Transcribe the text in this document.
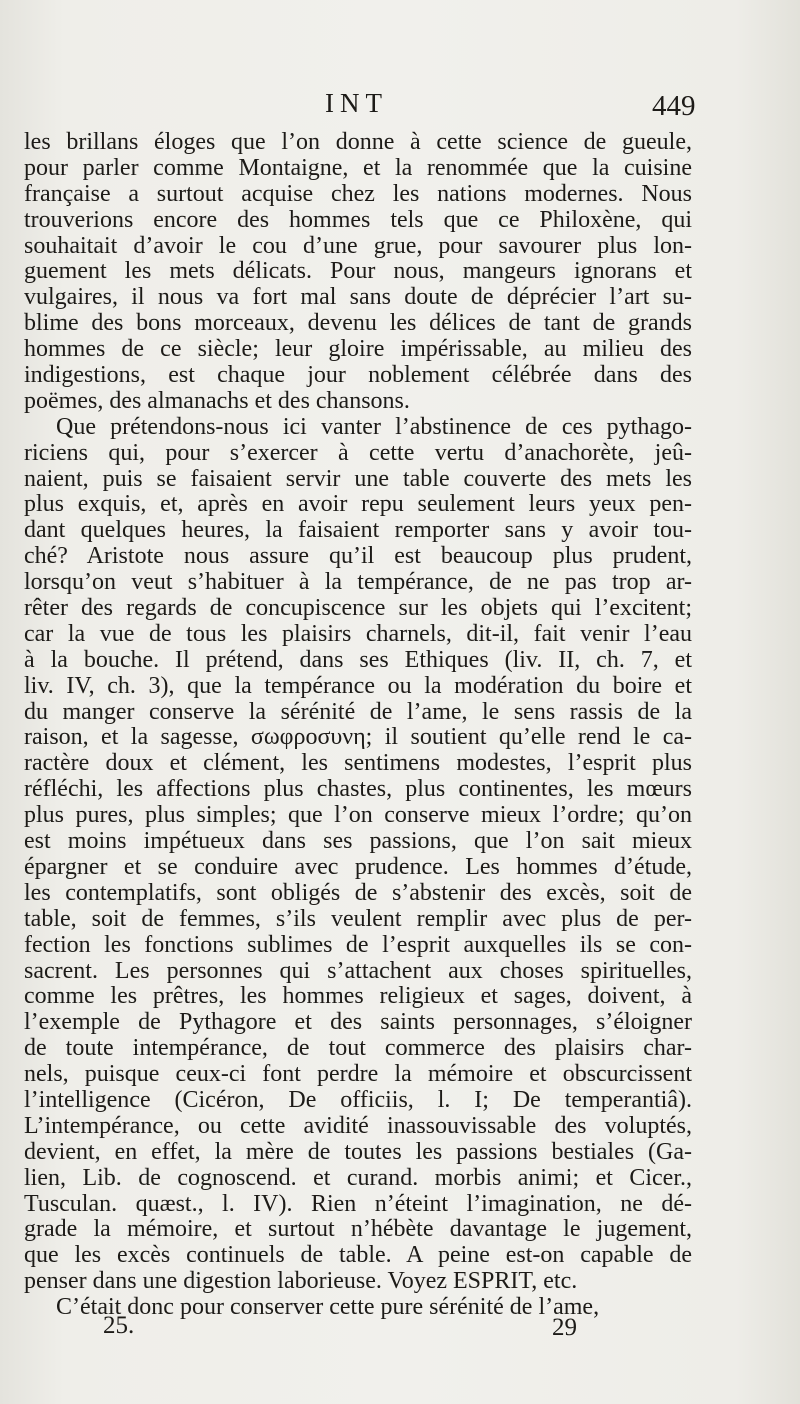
INT	449
les brillans éloges que l’on donne à cette science de gueule,
pour parler comme Montaigne, et la renommée que la cuisine
française a surtout acquise chez les nations modernes. Nous
trouverions encore des hommes tels que ce Philoxène, qui
souhaitait d’avoir le cou d’une grue, pour savourer plus lon-
guement les mets délicats. Pour nous, mangeurs ignorans et
vulgaires, il nous va fort mal sans doute de déprécier l’art su-
blime des bons morceaux, devenu les délices de tant de grands
hommes de ce siècle; leur gloire impérissable, au milieu des
indigestions, est chaque jour noblement célébrée dans des
poëmes, des almanachs et des chansons.
Que prétendons-nous ici vanter l’abstinence de ces pythago-
riciens qui, pour s’exercer à cette vertu d’anachorète, jeû-
naient, puis se faisaient servir une table couverte des mets les
plus exquis, et, après en avoir repu seulement leurs yeux pen-
dant quelques heures, la faisaient remporter sans y avoir tou-
ché? Aristote nous assure qu’il est beaucoup plus prudent,
lorsqu’on veut s’habituer à la tempérance, de ne pas trop ar-
rêter des regards de concupiscence sur les objets qui l’excitent;
car la vue de tous les plaisirs charnels, dit-il, fait venir l’eau
à la bouche. Il prétend, dans ses Ethiques (liv. II, ch. 7, et
liv. IV, ch. 3), que la tempérance ou la modération du boire et
du manger conserve la sérénité de l’ame, le sens rassis de la
raison, et la sagesse, σωφροσυνη; il soutient qu’elle rend le ca-
ractère doux et clément, les sentimens modestes, l’esprit plus
réfléchi, les affections plus chastes, plus continentes, les mœurs
plus pures, plus simples; que l’on conserve mieux l’ordre; qu’on
est moins impétueux dans ses passions, que l’on sait mieux
épargner et se conduire avec prudence. Les hommes d’étude,
les contemplatifs, sont obligés de s’abstenir des excès, soit de
table, soit de femmes, s’ils veulent remplir avec plus de per-
fection les fonctions sublimes de l’esprit auxquelles ils se con-
sacrent. Les personnes qui s’attachent aux choses spirituelles,
comme les prêtres, les hommes religieux et sages, doivent, à
l’exemple de Pythagore et des saints personnages, s’éloigner
de toute intempérance, de tout commerce des plaisirs char-
nels, puisque ceux-ci font perdre la mémoire et obscurcissent
l’intelligence (Cicéron, De officiis, l. I; De temperantiâ).
L’intempérance, ou cette avidité inassouvissable des voluptés,
devient, en effet, la mère de toutes les passions bestiales (Ga-
lien, Lib. de cognoscend. et curand. morbis animi; et Cicer.,
Tusculan. quæst., l. IV). Rien n’éteint l’imagination, ne dé-
grade la mémoire, et surtout n’hébète davantage le jugement,
que les excès continuels de table. A peine est-on capable de
penser dans une digestion laborieuse. Voyez ESPRIT, etc.
C’était donc pour conserver cette pure sérénité de l’ame,
25.	29
